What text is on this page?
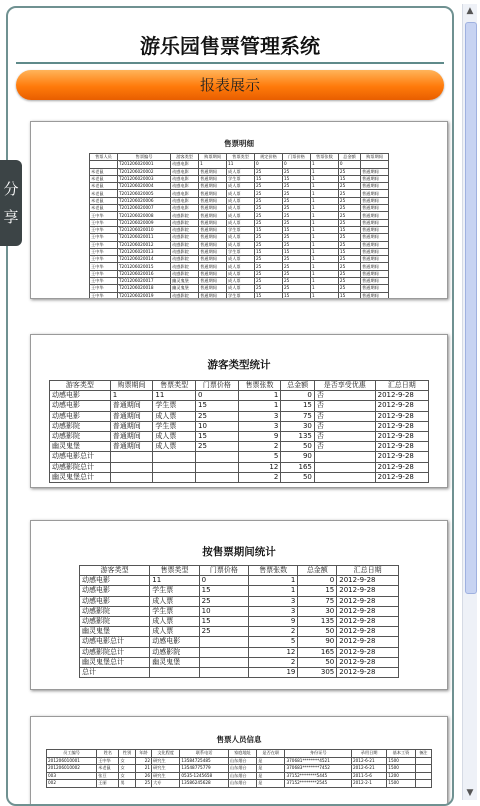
游乐园售票管理系统
报表展示
售票明细
售票人员	售票编号	游客类型	购票期间	售票类型	规定价格	门票价格	售票张数	总金额	购票期间
	T201206020001	动感电影	1	11	0	0	1	0	
米老鼠	T201206020002	动感电影	普通期间	成人票	25	25	1	25	普通期间
米老鼠	T201206020003	动感电影	普通期间	学生票	15	15	1	15	普通期间
米老鼠	T201206020004	动感电影	普通期间	成人票	25	25	1	25	普通期间
米老鼠	T201206020005	动感电影	普通期间	成人票	25	25	1	25	普通期间
米老鼠	T201206020006	动感电影	普通期间	成人票	25	25	1	25	普通期间
米老鼠	T201206020007	动感电影	普通期间	成人票	25	25	1	25	普通期间
王中华	T201206020008	动感影院	普通期间	成人票	25	25	1	25	普通期间
王中华	T201206020009	动感影院	普通期间	成人票	25	25	1	25	普通期间
王中华	T201206020010	动感影院	普通期间	学生票	15	15	1	15	普通期间
王中华	T201206020011	动感影院	普通期间	成人票	25	25	1	25	普通期间
王中华	T201206020012	动感影院	普通期间	成人票	25	25	1	25	普通期间
王中华	T201206020013	动感影院	普通期间	学生票	15	15	1	15	普通期间
王中华	T201206020014	动感影院	普通期间	成人票	25	25	1	25	普通期间
王中华	T201206020015	动感影院	普通期间	成人票	25	25	1	25	普通期间
王中华	T201206020016	动感影院	普通期间	成人票	25	25	1	25	普通期间
王中华	T201206020017	幽灵鬼堡	普通期间	成人票	25	25	1	25	普通期间
王中华	T201206020018	幽灵鬼堡	普通期间	成人票	25	25	1	25	普通期间
王中华	T201206020019	动感影院	普通期间	学生票	15	15	1	15	普通期间
游客类型统计
游客类型	购票期间	售票类型	门票价格	售票张数	总金额	是否享受优惠	汇总日期
动感电影	1	11	0	1	0	否	2012-9-28
动感电影	普通期间	学生票	15	1	15	否	2012-9-28
动感电影	普通期间	成人票	25	3	75	否	2012-9-28
动感影院	普通期间	学生票	10	3	30	否	2012-9-28
动感影院	普通期间	成人票	15	9	135	否	2012-9-28
幽灵鬼堡	普通期间	成人票	25	2	50	否	2012-9-28
动感电影总计				5	90		2012-9-28
动感影院总计				12	165		2012-9-28
幽灵鬼堡总计				2	50		2012-9-28
按售票期间统计
游客类型	售票类型	门票价格	售票张数	总金额	汇总日期
动感电影	11	0	1	0	2012-9-28
动感电影	学生票	15	1	15	2012-9-28
动感电影	成人票	25	3	75	2012-9-28
动感影院	学生票	10	3	30	2012-9-28
动感影院	成人票	15	9	135	2012-9-28
幽灵鬼堡	成人票	25	2	50	2012-9-28
动感电影总计	动感电影		5	90	2012-9-28
动感影院总计	动感影院		12	165	2012-9-28
幽灵鬼堡总计	幽灵鬼堡		2	50	2012-9-28
总计			19	305	2012-9-28
售票人员信息
员工编号	姓名	性别	年龄	文化程度	联系电话	家庭地址	是否在职	身份证号	录用日期	基本工资	备注
201206010001	王中华	女	22	研究生	13584725485	山东烟台	是	370681********4521	2012-6-21	1500	
201206010002	米老鼠	女	21	研究生	13548775779	山东烟台	是	370683********7452	2012-6-21	1500	
003	张豆	女	26	研究生	0535-1245658	山东烟台	是	37152********5445	2011-5-6	1200	
002	王丽	男	25	大专	13586245628	山东烟台	是	37152********2545	2012-2-1	1500	
分
享
▲
▼
